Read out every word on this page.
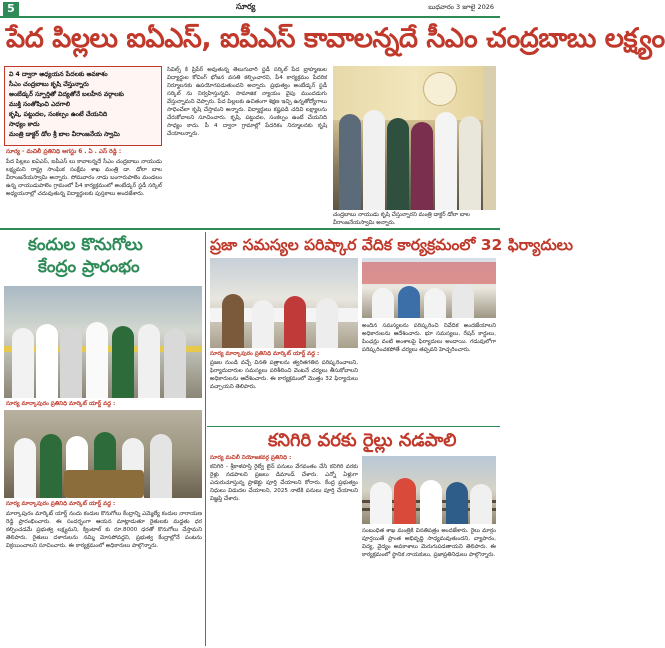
5	సూర్య	బుధవారం 3 జూలై 2026
పేద పిల్లలు ఐఏఎస్, ఐపీఎస్ కావాలన్నదే సీఎం చంద్రబాబు లక్ష్యం

వి 4 ద్వారా అధ్యయన పేదలకు అవకాశం

సీఎం చంద్రబాబు కృషి చేస్తున్నారు

అంబేడ్కర్ స్ఫూర్తితో విద్యతోనే బలహీన వర్గాలకు

ముక్తి సంతోషించి ఎదగాలి

కృషి, పట్టుదల, సంకల్పం ఉంటే చేయనిది

సాధ్యం కాదు

మంత్రి డాక్టర్ డోల శ్రీ బాల వీరాంజనేయ స్వామి

సూర్య - మచిలీ ప్రతినిధి ఆగస్టు 6 . ఏ . ఎస్ రెడ్డి :
పేద పిల్లలు ఐఏఎస్, ఐపీఎస్ లు కావాలన్నదే సీఎం చంద్రబాబు నాయుడు లక్ష్యమని రాష్ట్ర సాంఘిక సంక్షేమ శాఖ మంత్రి డా. డోలా బాల వీరాంజనేయస్వామి అన్నారు. సోమవారం నాడు బంగారుపాలెం మండలం ఉన్న నాయుడుపాలెం గ్రామంలో పీ4 కార్యక్రమంలో అంబేడ్కర్ స్టడీ సర్కిల్ అధ్యయనాల్లో చదువుతున్న విద్యార్థులకు పుస్తకాలు అందజేశారు.
సివిల్స్ కి ప్రిపేర్ అవుతున్న తెలుగువారి స్టడీ సర్కిల్ పేద బ్రాహ్మణుల విద్యార్థుల కోచింగ్ భోజన వసతి కల్పించారని, పీ4 కార్యక్రమం పేదరిక నిర్మూలనకు ఉపయోగపడుతుందని అన్నారు. ప్రభుత్వం అంబేడ్కర్ స్టడీ సర్కిల్ ను నిర్వహిస్తున్నది. సామాజిక న్యాయం వైపు ముందడుగు వేస్తున్నామని చెప్పారు. పేద పిల్లలకు ఉచితంగా శిక్షణ ఇచ్చి ఉన్నతోద్యోగాలు సాధించేలా కృషి చేస్తామని అన్నారు. విద్యార్థులు కష్టపడి చదివి లక్ష్యాలను చేరుకోవాలని సూచించారు. కృషి, పట్టుదల, సంకల్పం ఉంటే చేయనిది సాధ్యం కాదు. పీ 4 ద్వారా గ్రామాల్లో పేదరికం నిర్మూలనకు కృషి చేయాలన్నారు.
చంద్రబాబు నాయుడు కృషి చేస్తున్నారని మంత్రి డాక్టర్ డోలా బాల వీరాంజనేయస్వామి అన్నారు.
కందుల కొనుగోలు
కేంద్రం ప్రారంభం
సూర్య మార్కాపురం ప్రతినిధి మార్కెట్ యార్డ్ వద్ద :
సూర్య మార్కాపురం ప్రతినిధి మార్కెట్ యార్డ్ వద్ద :
మార్కాపురం మార్కెట్ యార్డ్ నందు కందుల కొనుగోలు కేంద్రాన్ని ఎమ్మెల్యే కందుల నారాయణ రెడ్డి ప్రారంభించారు. ఈ సందర్భంగా ఆయన మాట్లాడుతూ రైతులకు మద్దతు ధర కల్పించడమే ప్రభుత్వ లక్ష్యమని, క్వింటాల్ కు రూ.8000 ధరతో కొనుగోలు చేస్తామని తెలిపారు. రైతులు దళారులను నమ్మి మోసపోవద్దని, ప్రభుత్వ కేంద్రాల్లోనే పంటను విక్రయించాలని సూచించారు. ఈ కార్యక్రమంలో అధికారులు పాల్గొన్నారు.
ప్రజా సమస్యల పరిష్కార వేదిక కార్యక్రమంలో 32 ఫిర్యాదులు
సూర్య మార్కాపురం ప్రతినిధి మార్కెట్ యార్డ్ వద్ద :
ప్రజల నుండి వచ్చే వినతి పత్రాలను త్వరితగతిన పరిష్కరించాలని, ఫిర్యాదుదారుల సమస్యలు పరిశీలించి వెంటనే చర్యలు తీసుకోవాలని అధికారులను ఆదేశించారు. ఈ కార్యక్రమంలో మొత్తం 32 ఫిర్యాదులు వచ్చాయని తెలిపారు.
అందిన సమస్యలను పరిష్కరించి నివేదిక అందజేయాలని అధికారులను ఆదేశించారు. భూ సమస్యలు, రేషన్ కార్డులు, పింఛన్లు వంటి అంశాలపై ఫిర్యాదులు అందాయి. గడువులోగా పరిష్కరించకపోతే చర్యలు తప్పవని హెచ్చరించారు.
కనిగిరి వరకు రైల్లు నడపాలి
సూర్య మచిలీ నియోజకవర్గ ప్రతినిధి :
కనిగిరి - శ్రీకాళహస్తి రైల్వే లైన్ పనులు వేగవంతం చేసి కనిగిరి వరకు రైళ్లు నడపాలని ప్రజలు డిమాండ్ చేశారు. ఎన్నో ఏళ్లుగా ఎదురుచూస్తున్న ప్రాజెక్టు పూర్తి చేయాలని కోరారు. కేంద్ర ప్రభుత్వం నిధులు విడుదల చేయాలని, 2025 నాటికి పనులు పూర్తి చేయాలని విజ్ఞప్తి చేశారు.
సంబంధిత శాఖ మంత్రికి వినతిపత్రం అందజేశారు. రైలు మార్గం పూర్తయితే ప్రాంత అభివృద్ధి సాధ్యమవుతుందని, వ్యాపారం, విద్య, వైద్యం అవకాశాలు మెరుగుపడతాయని తెలిపారు. ఈ కార్యక్రమంలో స్థానిక నాయకులు, ప్రజాప్రతినిధులు పాల్గొన్నారు.
